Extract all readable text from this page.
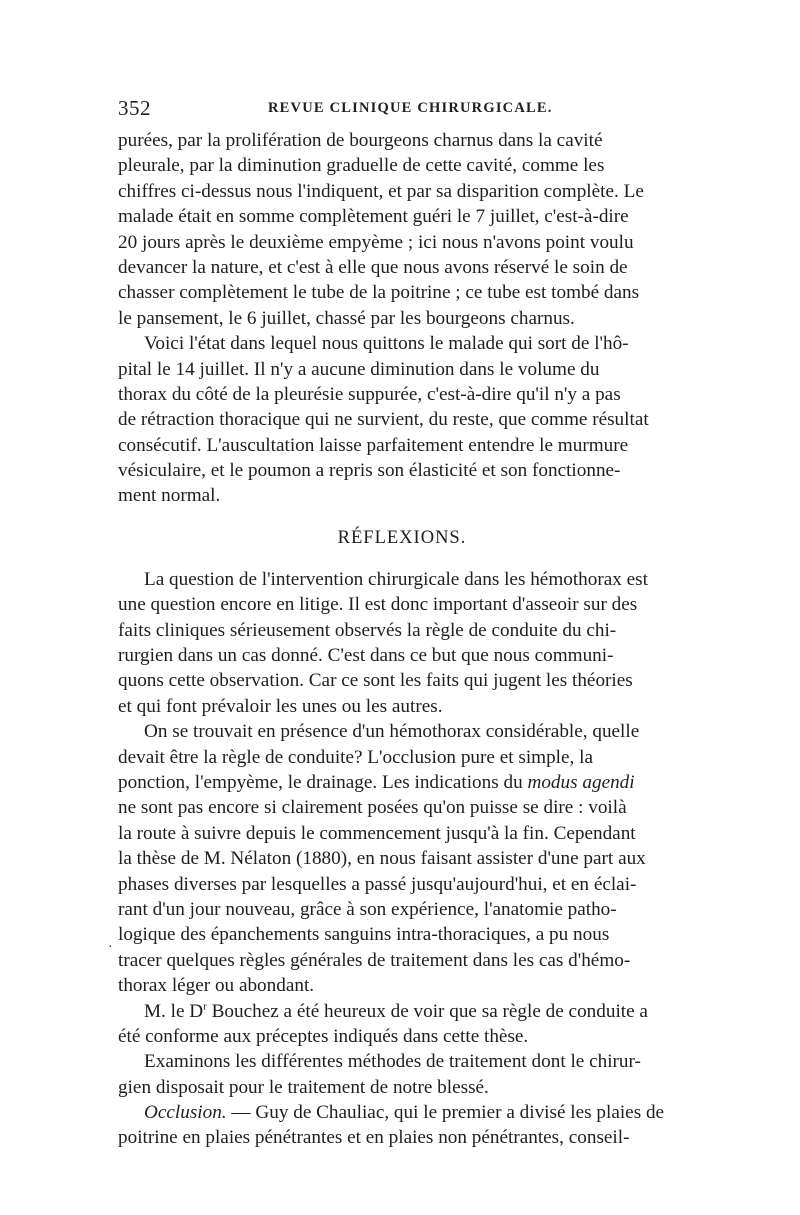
352	REVUE CLINIQUE CHIRURGICALE.
·
purées, par la prolifération de bourgeons charnus dans la cavité
pleurale, par la diminution graduelle de cette cavité, comme les
chiffres ci-dessus nous l'indiquent, et par sa disparition complète. Le
malade était en somme complètement guéri le 7 juillet, c'est-à-dire
20 jours après le deuxième empyème ; ici nous n'avons point voulu
devancer la nature, et c'est à elle que nous avons réservé le soin de
chasser complètement le tube de la poitrine ; ce tube est tombé dans
le pansement, le 6 juillet, chassé par les bourgeons charnus.
Voici l'état dans lequel nous quittons le malade qui sort de l'hô-
pital le 14 juillet. Il n'y a aucune diminution dans le volume du
thorax du côté de la pleurésie suppurée, c'est-à-dire qu'il n'y a pas
de rétraction thoracique qui ne survient, du reste, que comme résultat
consécutif. L'auscultation laisse parfaitement entendre le murmure
vésiculaire, et le poumon a repris son élasticité et son fonctionne-
ment normal.
RÉFLEXIONS.
La question de l'intervention chirurgicale dans les hémothorax est
une question encore en litige. Il est donc important d'asseoir sur des
faits cliniques sérieusement observés la règle de conduite du chi-
rurgien dans un cas donné. C'est dans ce but que nous communi-
quons cette observation. Car ce sont les faits qui jugent les théories
et qui font prévaloir les unes ou les autres.
On se trouvait en présence d'un hémothorax considérable, quelle
devait être la règle de conduite? L'occlusion pure et simple, la
ponction, l'empyème, le drainage. Les indications du modus agendi
ne sont pas encore si clairement posées qu'on puisse se dire : voilà
la route à suivre depuis le commencement jusqu'à la fin. Cependant
la thèse de M. Nélaton (1880), en nous faisant assister d'une part aux
phases diverses par lesquelles a passé jusqu'aujourd'hui, et en éclai-
rant d'un jour nouveau, grâce à son expérience, l'anatomie patho-
logique des épanchements sanguins intra-thoraciques, a pu nous
tracer quelques règles générales de traitement dans les cas d'hémo-
thorax léger ou abondant.
M. le $D^r$ Bouchez a été heureux de voir que sa règle de conduite a
été conforme aux préceptes indiqués dans cette thèse.
Examinons les différentes méthodes de traitement dont le chirur-
gien disposait pour le traitement de notre blessé.
Occlusion. — Guy de Chauliac, qui le premier a divisé les plaies de
poitrine en plaies pénétrantes et en plaies non pénétrantes, conseil-
